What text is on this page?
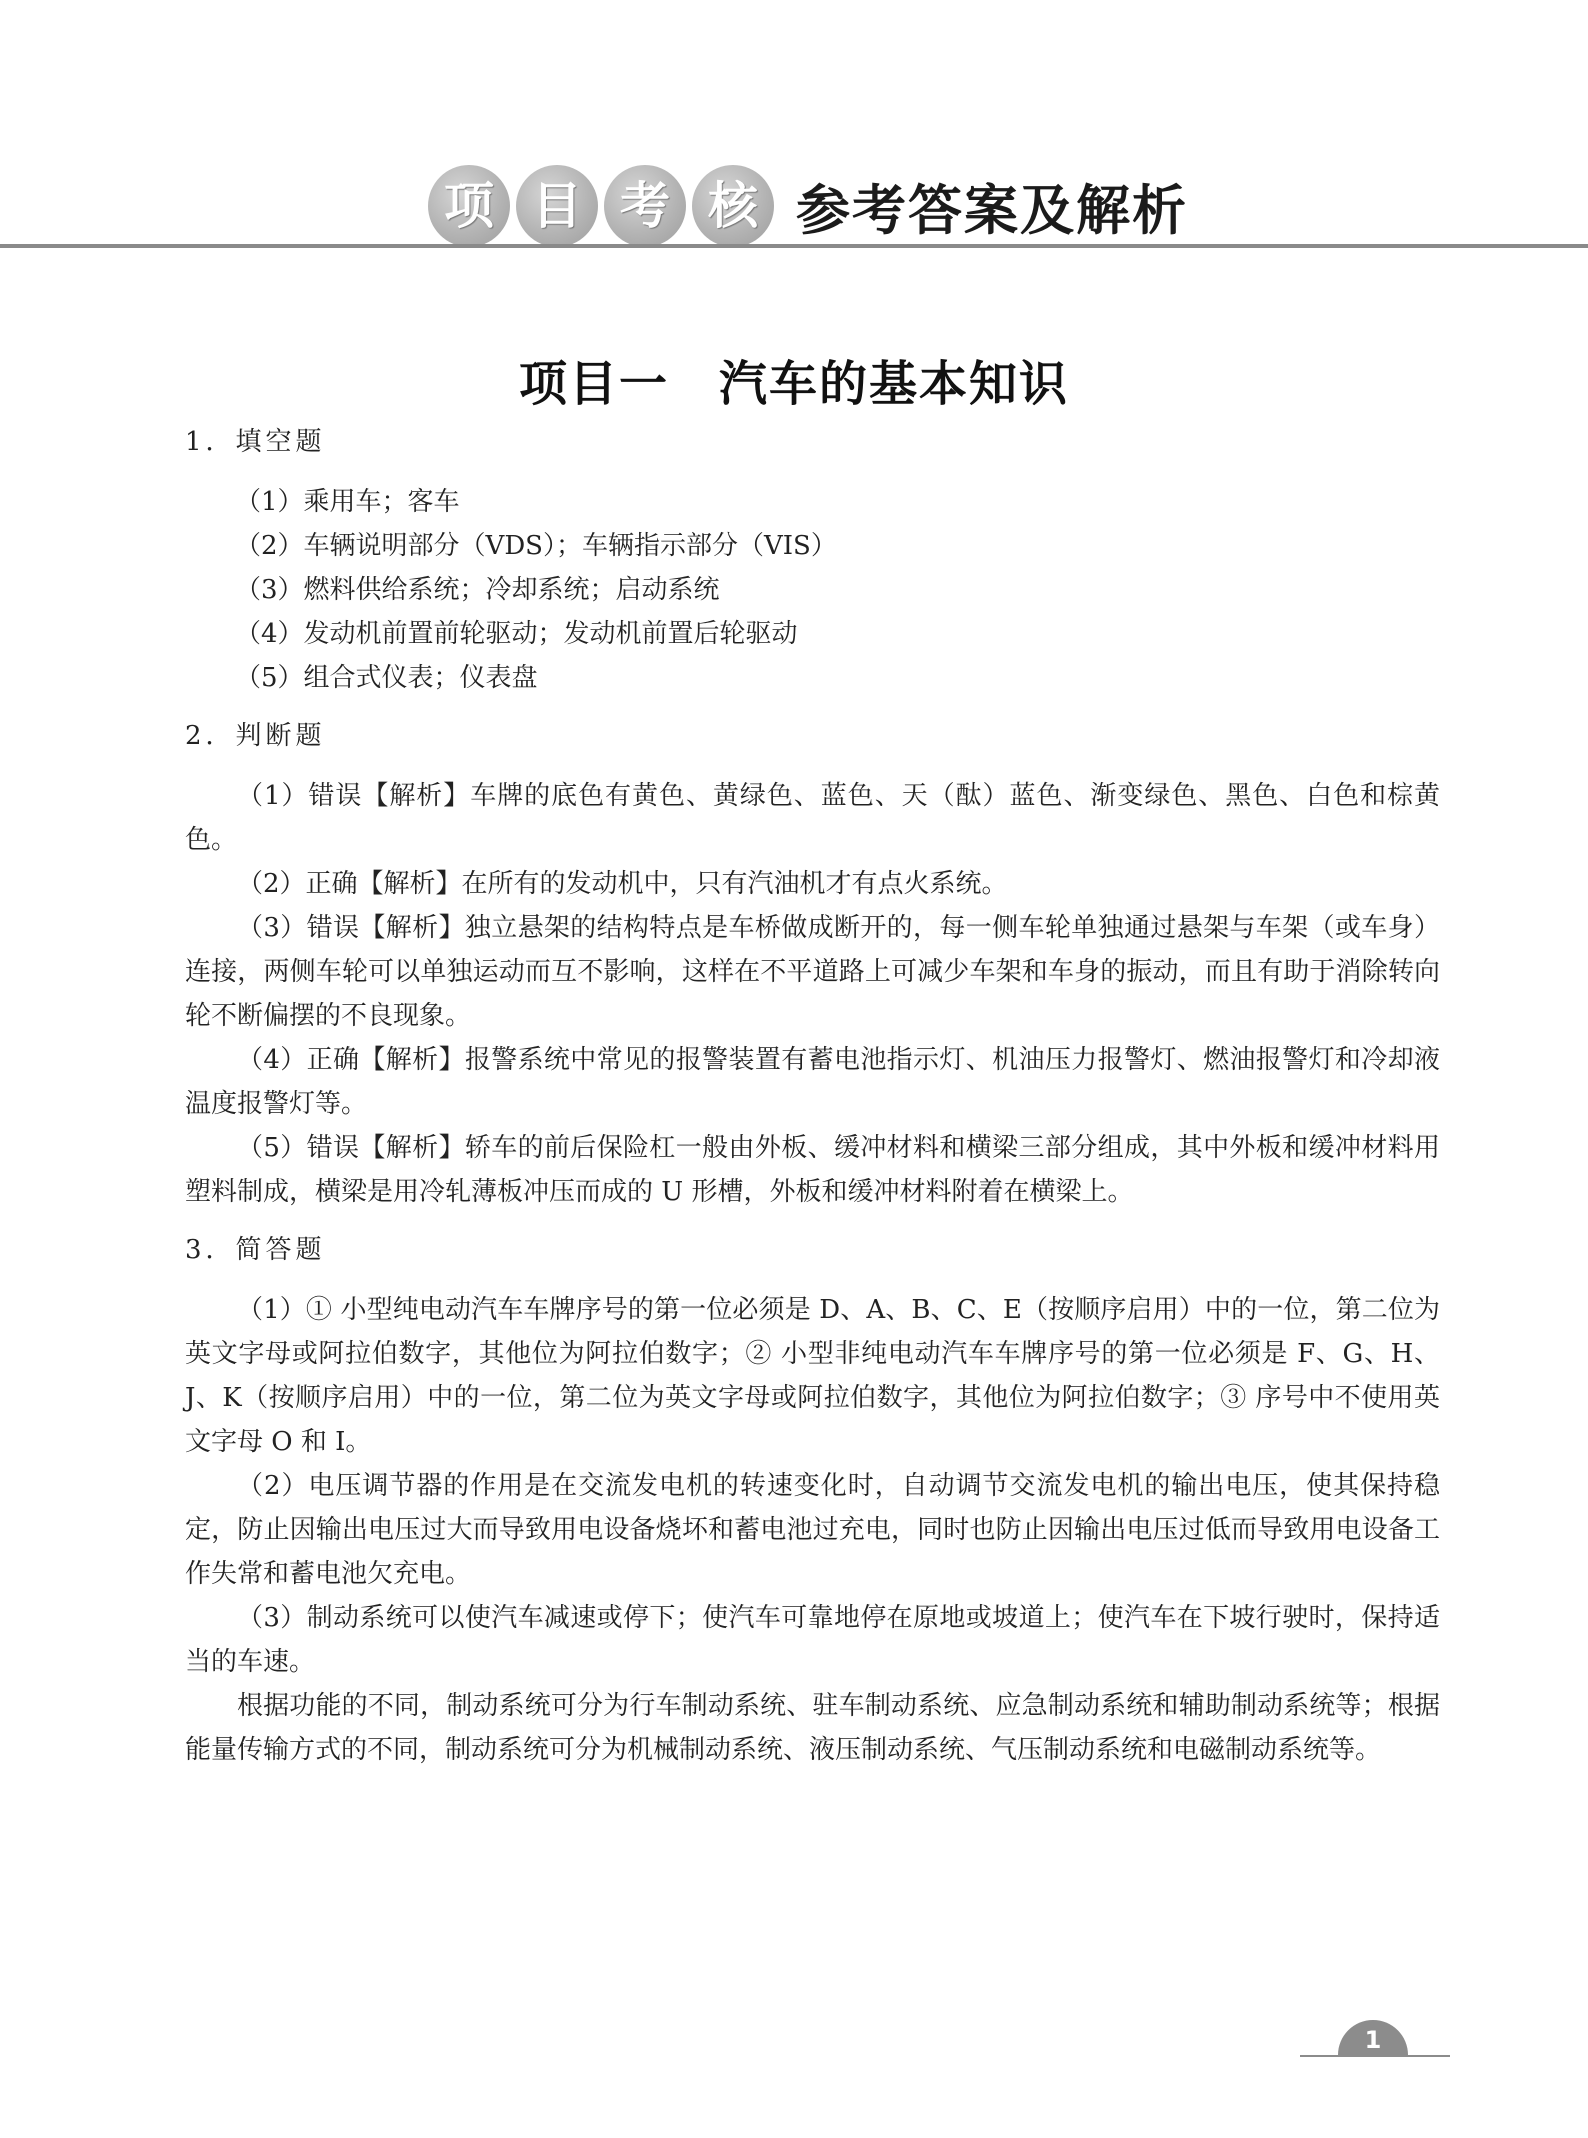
项 目 考 核 参考答案及解析
项目一　汽车的基本知识
1．填空题
（1）乘用车；客车
（2）车辆说明部分（VDS）；车辆指示部分（VIS）
（3）燃料供给系统；冷却系统；启动系统
（4）发动机前置前轮驱动；发动机前置后轮驱动
（5）组合式仪表；仪表盘
2．判断题

（1）错误【解析】车牌的底色有黄色、黄绿色、蓝色、天（酞）蓝色、渐变绿色、黑色、白色和棕黄色。

（2）正确【解析】在所有的发动机中，只有汽油机才有点火系统。

（3）错误【解析】独立悬架的结构特点是车桥做成断开的，每一侧车轮单独通过悬架与车架（或车身）连接，两侧车轮可以单独运动而互不影响，这样在不平道路上可减少车架和车身的振动，而且有助于消除转向轮不断偏摆的不良现象。

（4）正确【解析】报警系统中常见的报警装置有蓄电池指示灯、机油压力报警灯、燃油报警灯和冷却液温度报警灯等。

（5）错误【解析】轿车的前后保险杠一般由外板、缓冲材料和横梁三部分组成，其中外板和缓冲材料用塑料制成，横梁是用冷轧薄板冲压而成的 U 形槽，外板和缓冲材料附着在横梁上。

3．简答题

（1）① 小型纯电动汽车车牌序号的第一位必须是 D、A、B、C、E（按顺序启用）中的一位，第二位为英文字母或阿拉伯数字，其他位为阿拉伯数字；② 小型非纯电动汽车车牌序号的第一位必须是 F、G、H、J、K（按顺序启用）中的一位，第二位为英文字母或阿拉伯数字，其他位为阿拉伯数字；③ 序号中不使用英文字母 O 和 I。

（2）电压调节器的作用是在交流发电机的转速变化时，自动调节交流发电机的输出电压，使其保持稳定，防止因输出电压过大而导致用电设备烧坏和蓄电池过充电，同时也防止因输出电压过低而导致用电设备工作失常和蓄电池欠充电。

（3）制动系统可以使汽车减速或停下；使汽车可靠地停在原地或坡道上；使汽车在下坡行驶时，保持适当的车速。

根据功能的不同，制动系统可分为行车制动系统、驻车制动系统、应急制动系统和辅助制动系统等；根据能量传输方式的不同，制动系统可分为机械制动系统、液压制动系统、气压制动系统和电磁制动系统等。

1
